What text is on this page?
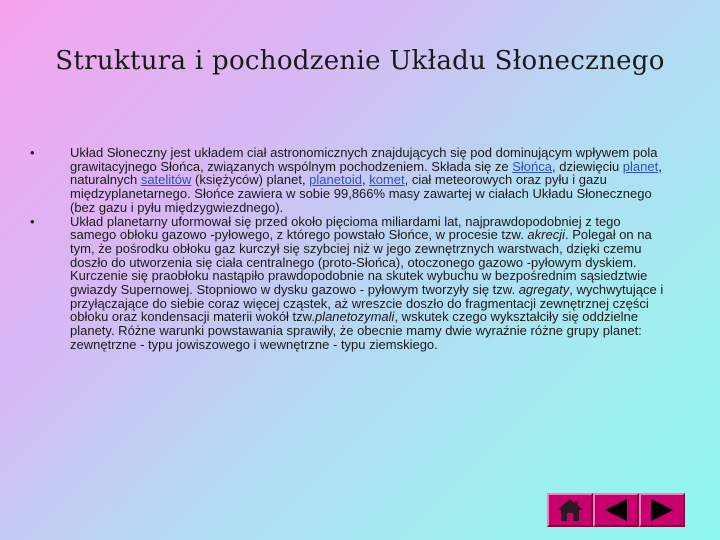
Struktura i pochodzenie Układu Słonecznego
•	Układ Słoneczny jest układem ciał astronomicznych znajdujących się pod dominującym wpływem pola grawitacyjnego Słońca, związanych wspólnym pochodzeniem. Składa się ze Słońca, dziewięciu planet, naturalnych satelitów (księżyców) planet, planetoid, komet, ciał meteorowych oraz pyłu i gazu międzyplanetarnego. Słońce zawiera w sobie 99,866% masy zawartej w ciałach Układu Słonecznego (bez gazu i pyłu międzygwiezdnego).
•	Układ planetarny uformował się przed około pięcioma miliardami lat, najprawdopodobniej z tego samego obłoku gazowo -pyłowego, z którego powstało Słońce, w procesie tzw. akrecji. Polegał on na tym, że pośrodku obłoku gaz kurczył się szybciej niż w jego zewnętrznych warstwach, dzięki czemu doszło do utworzenia się ciała centralnego (proto-Słońca), otoczonego gazowo -pyłowym dyskiem. Kurczenie się praobłoku nastąpiło prawdopodobnie na skutek wybuchu w bezpośrednim sąsiedztwie gwiazdy Supernowej. Stopniowo w dysku gazowo - pyłowym tworzyły się tzw. agregaty, wychwytujące i przyłączające do siebie coraz więcej cząstek, aż wreszcie doszło do fragmentacji zewnętrznej części obłoku oraz kondensacji materii wokół tzw.planetozymali, wskutek czego wykształciły się oddzielne planety. Różne warunki powstawania sprawiły, że obecnie mamy dwie wyraźnie różne grupy planet: zewnętrzne - typu jowiszowego i wewnętrzne - typu ziemskiego.
